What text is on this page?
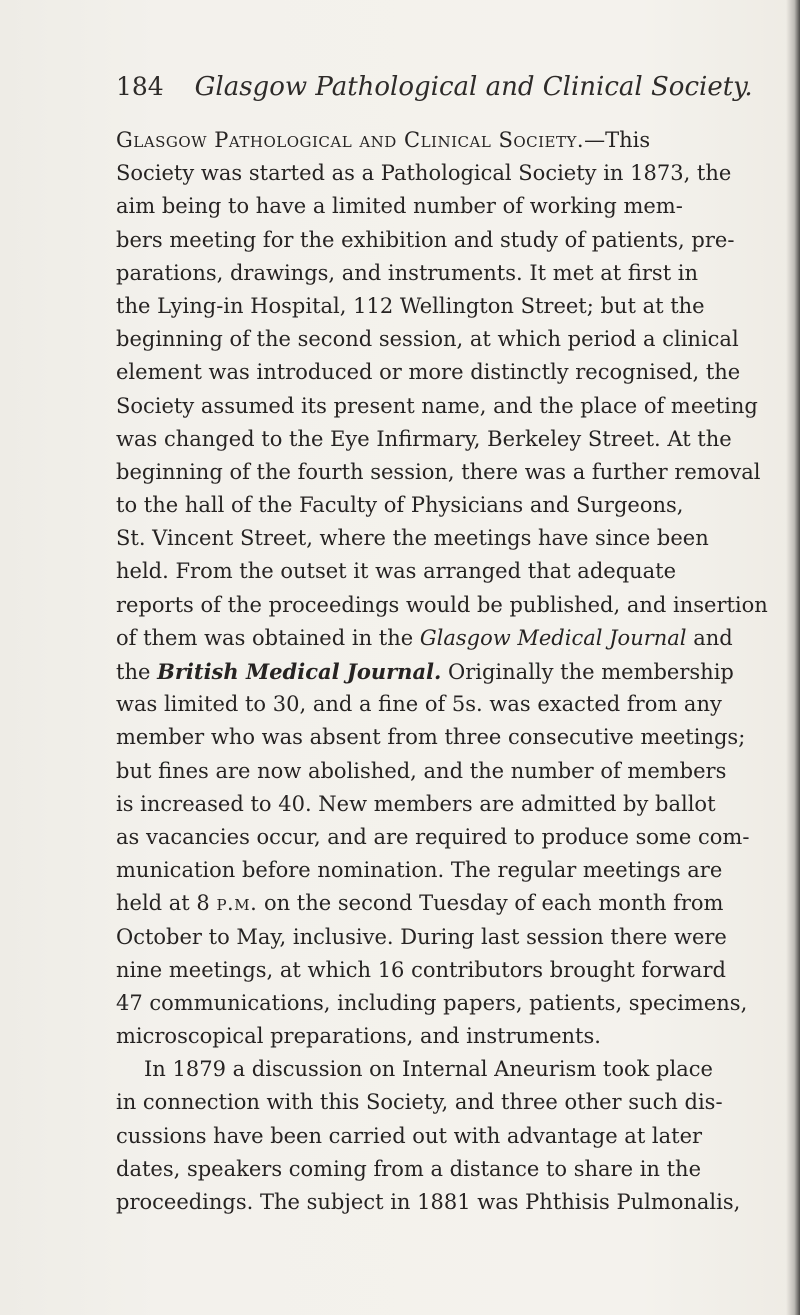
184 Glasgow Pathological and Clinical Society.
Glasgow Pathological and Clinical Society.—This
Society was started as a Pathological Society in 1873, the
aim being to have a limited number of working mem-
bers meeting for the exhibition and study of patients, pre-
parations, drawings, and instruments. It met at first in
the Lying-in Hospital, 112 Wellington Street; but at the
beginning of the second session, at which period a clinical
element was introduced or more distinctly recognised, the
Society assumed its present name, and the place of meeting
was changed to the Eye Infirmary, Berkeley Street. At the
beginning of the fourth session, there was a further removal
to the hall of the Faculty of Physicians and Surgeons,
St. Vincent Street, where the meetings have since been
held. From the outset it was arranged that adequate
reports of the proceedings would be published, and insertion
of them was obtained in the Glasgow Medical Journal and
the British Medical Journal. Originally the membership
was limited to 30, and a fine of 5s. was exacted from any
member who was absent from three consecutive meetings;
but fines are now abolished, and the number of members
is increased to 40. New members are admitted by ballot
as vacancies occur, and are required to produce some com-
munication before nomination. The regular meetings are
held at 8 p.m. on the second Tuesday of each month from
October to May, inclusive. During last session there were
nine meetings, at which 16 contributors brought forward
47 communications, including papers, patients, specimens,
microscopical preparations, and instruments.
In 1879 a discussion on Internal Aneurism took place
in connection with this Society, and three other such dis-
cussions have been carried out with advantage at later
dates, speakers coming from a distance to share in the
proceedings. The subject in 1881 was Phthisis Pulmonalis,
